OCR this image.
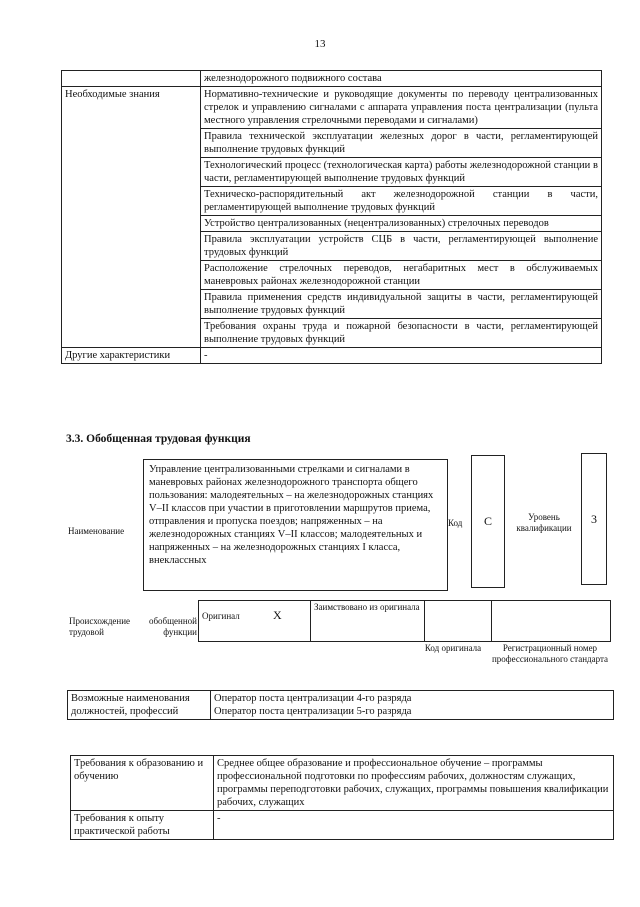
13
	железнодорожного подвижного состава
Необходимые знания	Нормативно-технические и руководящие документы по переводу централизованных стрелок и управлению сигналами с аппарата управления поста централизации (пульта местного управления стрелочными переводами и сигналами)
	Правила технической эксплуатации железных дорог в части, регламентирующей выполнение трудовых функций
	Технологический процесс (технологическая карта) работы железнодорожной станции в части, регламентирующей выполнение трудовых функций
	Техническо-распорядительный акт железнодорожной станции в части, регламентирующей выполнение трудовых функций
	Устройство централизованных (нецентрализованных) стрелочных переводов
	Правила эксплуатации устройств СЦБ в части, регламентирующей выполнение трудовых функций
	Расположение стрелочных переводов, негабаритных мест в обслуживаемых маневровых районах железнодорожной станции
	Правила применения средств индивидуальной защиты в части, регламентирующей выполнение трудовых функций
	Требования охраны труда и пожарной безопасности в части, регламентирующей выполнение трудовых функций
Другие характеристики	-
3.3. Обобщенная трудовая функция
Наименование
Управление централизованными стрелками и сигналами в маневровых районах железнодорожного транспорта общего пользования: малодеятельных – на железнодорожных станциях V–II классов при участии в приготовлении маршрутов приема, отправления и пропуска поездов; напряженных – на железнодорожных станциях V–II классов; малодеятельных и напряженных – на железнодорожных станциях I класса, внеклассных
Код	C	Уровень квалификации
3
Происхождение обобщенной трудовой функции
Оригинал	X	Заимствовано из оригинала		
Код оригинала	Регистрационный номер профессионального стандарта
Возможные наименования должностей, профессий	
Оператор поста централизации 4-го разряда
Оператор поста централизации 5-го разряда
Требования к образованию и обучению	Среднее общее образование и профессиональное обучение – программы профессиональной подготовки по профессиям рабочих, должностям служащих, программы переподготовки рабочих, служащих, программы повышения квалификации рабочих, служащих
Требования к опыту практической работы	-
